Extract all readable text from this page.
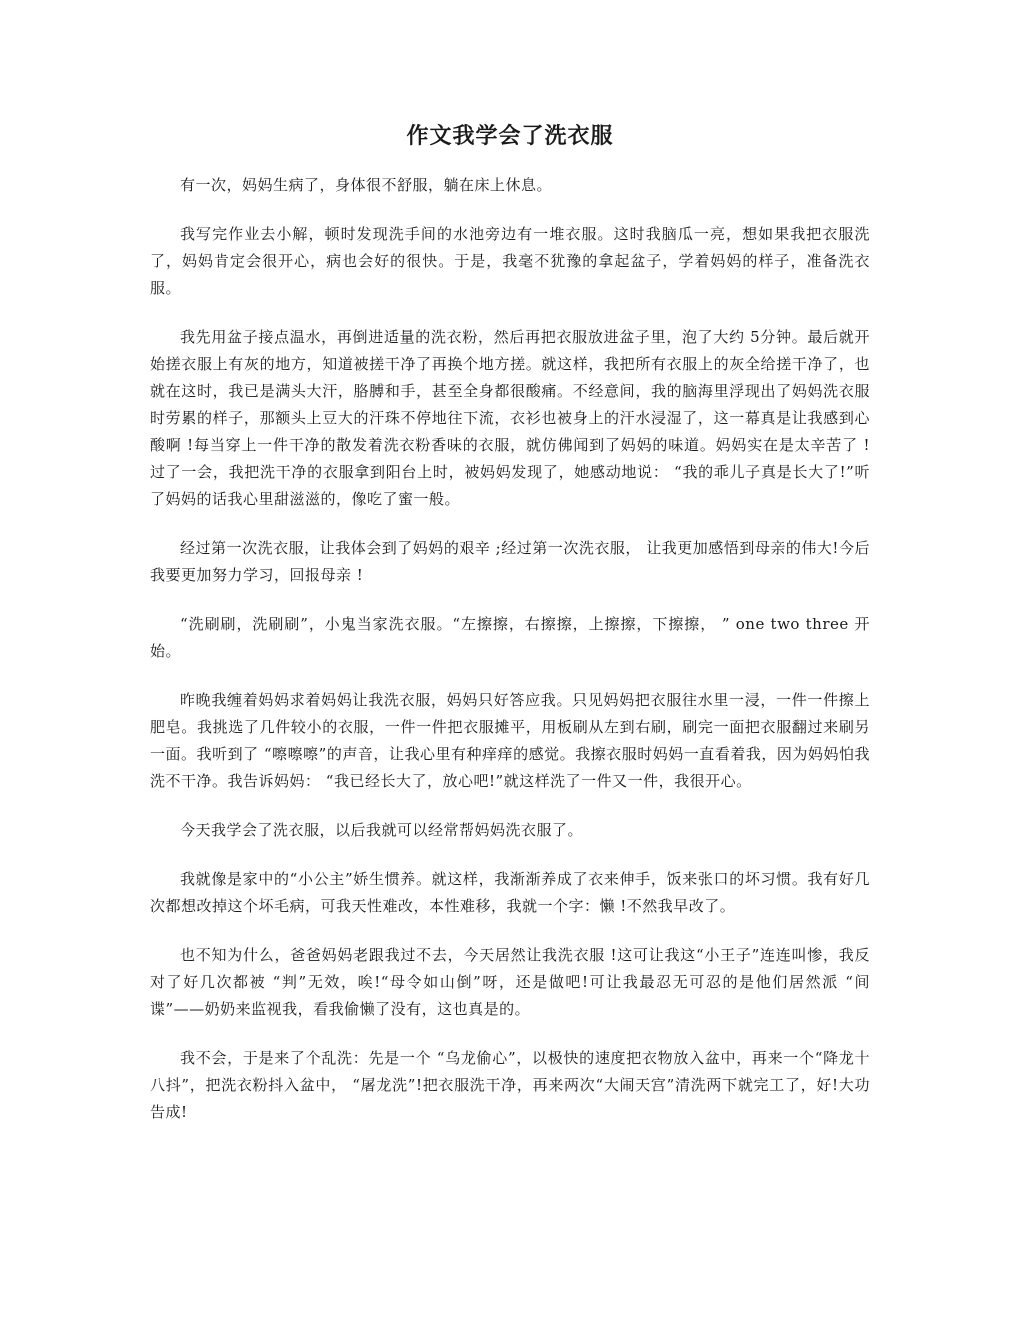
作文我学会了洗衣服

有一次，妈妈生病了，身体很不舒服，躺在床上休息。

我写完作业去小解，顿时发现洗手间的水池旁边有一堆衣服。这时我脑瓜一亮，想如果我把衣服洗了，妈妈肯定会很开心，病也会好的很快。于是，我毫不犹豫的拿起盆子，学着妈妈的样子，准备洗衣服。

我先用盆子接点温水，再倒进适量的洗衣粉，然后再把衣服放进盆子里，泡了大约 5分钟。最后就开始搓衣服上有灰的地方，知道被搓干净了再换个地方搓。就这样，我把所有衣服上的灰全给搓干净了，也就在这时，我已是满头大汗，胳膊和手，甚至全身都很酸痛。不经意间，我的脑海里浮现出了妈妈洗衣服时劳累的样子，那额头上豆大的汗珠不停地往下流，衣衫也被身上的汗水浸湿了，这一幕真是让我感到心酸啊 !每当穿上一件干净的散发着洗衣粉香味的衣服，就仿佛闻到了妈妈的味道。妈妈实在是太辛苦了 !过了一会，我把洗干净的衣服拿到阳台上时，被妈妈发现了，她感动地说： “我的乖儿子真是长大了!”听了妈妈的话我心里甜滋滋的，像吃了蜜一般。

经过第一次洗衣服，让我体会到了妈妈的艰辛 ;经过第一次洗衣服， 让我更加感悟到母亲的伟大!今后我要更加努力学习，回报母亲 !

“洗刷刷，洗刷刷”，小鬼当家洗衣服。“左擦擦，右擦擦，上擦擦，下擦擦， ” one two three 开始。

昨晚我缠着妈妈求着妈妈让我洗衣服，妈妈只好答应我。只见妈妈把衣服往水里一浸，一件一件擦上肥皂。我挑选了几件较小的衣服，一件一件把衣服摊平，用板刷从左到右刷，刷完一面把衣服翻过来刷另一面。我听到了 “嚓嚓嚓”的声音，让我心里有种痒痒的感觉。我擦衣服时妈妈一直看着我，因为妈妈怕我洗不干净。我告诉妈妈： “我已经长大了，放心吧!”就这样洗了一件又一件，我很开心。

今天我学会了洗衣服，以后我就可以经常帮妈妈洗衣服了。

我就像是家中的“小公主”娇生惯养。就这样，我渐渐养成了衣来伸手，饭来张口的坏习惯。我有好几次都想改掉这个坏毛病，可我天性难改，本性难移，我就一个字：懒 !不然我早改了。

也不知为什么，爸爸妈妈老跟我过不去，今天居然让我洗衣服 !这可让我这“小王子”连连叫惨，我反对了好几次都被 “判”无效，唉!“母令如山倒”呀，还是做吧!可让我最忍无可忍的是他们居然派 “间谍”——奶奶来监视我，看我偷懒了没有，这也真是的。

我不会，于是来了个乱洗：先是一个 “乌龙偷心”，以极快的速度把衣物放入盆中，再来一个“降龙十八抖”，把洗衣粉抖入盆中， “屠龙洗”!把衣服洗干净，再来两次“大闹天宫”清洗两下就完工了，好!大功告成!
